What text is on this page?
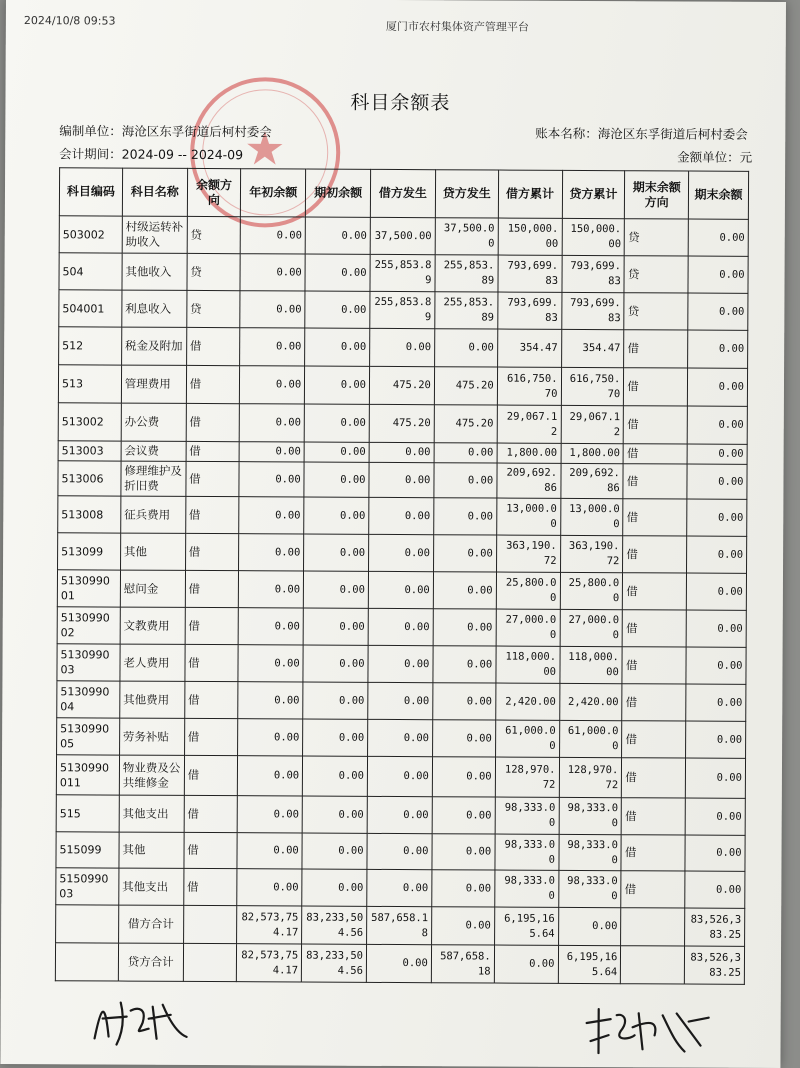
2024/10/8 09:53	厦门市农村集体资产管理平台
★
科目余额表
编制单位：海沧区东孚街道后柯村委会	账本名称：海沧区东孚街道后柯村委会
会计期间：2024-09 -- 2024-09	金额单位：元
科目编码	科目名称	余额方向	年初余额	期初余额	借方发生	贷方发生	借方累计	贷方累计	期末余额方向	期末余额
503002	村级运转补助收入	贷	0.00	0.00	37,500.00	37,500.00	150,000.00	150,000.00	贷	0.00
504	其他收入	贷	0.00	0.00	255,853.89	255,853.89	793,699.83	793,699.83	贷	0.00
504001	利息收入	贷	0.00	0.00	255,853.89	255,853.89	793,699.83	793,699.83	贷	0.00
512	税金及附加	借	0.00	0.00	0.00	0.00	354.47	354.47	借	0.00
513	管理费用	借	0.00	0.00	475.20	475.20	616,750.70	616,750.70	借	0.00
513002	办公费	借	0.00	0.00	475.20	475.20	29,067.12	29,067.12	借	0.00
513003	会议费	借	0.00	0.00	0.00	0.00	1,800.00	1,800.00	借	0.00
513006	修理维护及折旧费	借	0.00	0.00	0.00	0.00	209,692.86	209,692.86	借	0.00
513008	征兵费用	借	0.00	0.00	0.00	0.00	13,000.00	13,000.00	借	0.00
513099	其他	借	0.00	0.00	0.00	0.00	363,190.72	363,190.72	借	0.00
513099001	慰问金	借	0.00	0.00	0.00	0.00	25,800.00	25,800.00	借	0.00
513099002	文教费用	借	0.00	0.00	0.00	0.00	27,000.00	27,000.00	借	0.00
513099003	老人费用	借	0.00	0.00	0.00	0.00	118,000.00	118,000.00	借	0.00
513099004	其他费用	借	0.00	0.00	0.00	0.00	2,420.00	2,420.00	借	0.00
513099005	劳务补贴	借	0.00	0.00	0.00	0.00	61,000.00	61,000.00	借	0.00
5130990011	物业费及公共维修金	借	0.00	0.00	0.00	0.00	128,970.72	128,970.72	借	0.00
515	其他支出	借	0.00	0.00	0.00	0.00	98,333.00	98,333.00	借	0.00
515099	其他	借	0.00	0.00	0.00	0.00	98,333.00	98,333.00	借	0.00
515099003	其他支出	借	0.00	0.00	0.00	0.00	98,333.00	98,333.00	借	0.00
	借方合计		82,573,754.17	83,233,504.56	587,658.18	0.00	6,195,165.64	0.00		83,526,383.25
	贷方合计		82,573,754.17	83,233,504.56	0.00	587,658.18	0.00	6,195,165.64		83,526,383.25
